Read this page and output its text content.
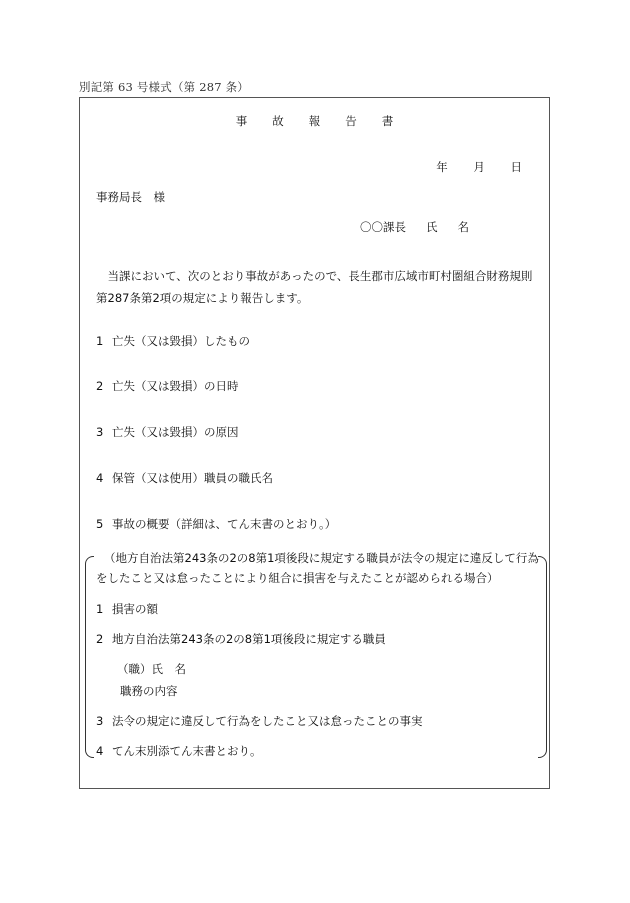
別記第 63 号様式（第 287 条）
事故報告書
年 月 日
事務局長　様
〇〇課長 氏 名
　当課において、次のとおり事故があったので、長生郡市広域市町村圏組合財務規則
第287条第2項の規定により報告します。
1 亡失（又は毀損）したもの
2 亡失（又は毀損）の日時
3 亡失（又は毀損）の原因
4 保管（又は使用）職員の職氏名
5 事故の概要（詳細は、てん末書のとおり。）
（地方自治法第243条の2の8第1項後段に規定する職員が法令の規定に違反して行為
をしたこと又は怠ったことにより組合に損害を与えたことが認められる場合）
1 損害の額
2 地方自治法第243条の2の8第1項後段に規定する職員
（職）氏　名
職務の内容
3 法令の規定に違反して行為をしたこと又は怠ったことの事実
4 てん末別添てん末書とおり。
